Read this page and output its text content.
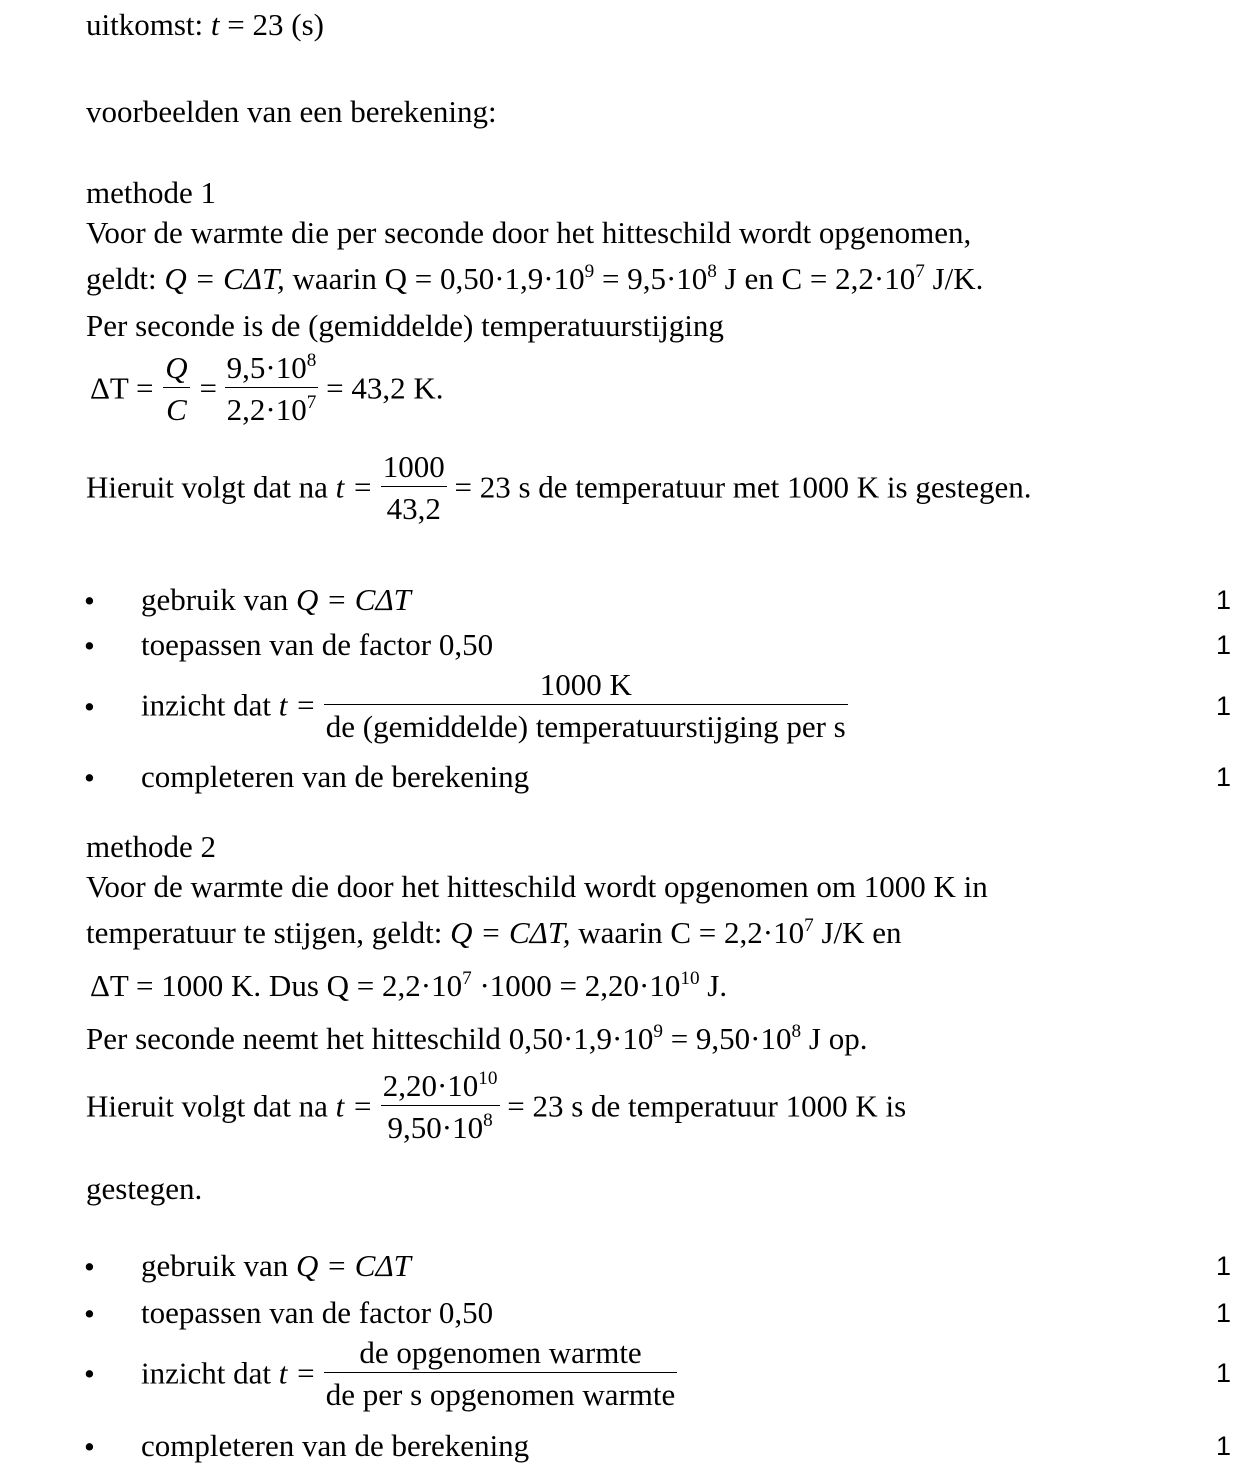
uitkomst: t = 23 (s)
voorbeelden van een berekening:
methode 1
Voor de warmte die per seconde door het hitteschild wordt opgenomen,
geldt: Q = CΔT, waarin $Q = 0,50\cdot 1,9\cdot 10^9 = 9,5\cdot 10^8$ J en $C = 2,2\cdot 10^7$ J/K.
Per seconde is de (gemiddelde) temperatuurstijging
$\Delta T = \frac{Q}{C} = \frac{9,5\cdot 10^8}{2,2\cdot 10^7} = 43,2$ K.
Hieruit volgt dat na $t = \frac{1000}{43,2} = 23$ s de temperatuur met 1000 K is gestegen.
• gebruik van Q = CΔT	1
• toepassen van de factor 0,50	1
• inzicht dat $t = \frac{1000 K}{\text{de (gemiddelde) temperatuurstijging per s}}$	1
• completeren van de berekening	1
methode 2
Voor de warmte die door het hitteschild wordt opgenomen om 1000 K in
temperatuur te stijgen, geldt: Q = CΔT, waarin $C = 2,2\cdot 10^7$ J/K en
ΔT = 1000 K. Dus $Q = 2,2\cdot 10^7 \cdot 1000 = 2,20\cdot 10^{10}$ J.
Per seconde neemt het hitteschild $0,50\cdot 1,9\cdot 10^9 = 9,50\cdot 10^8$ J op.
Hieruit volgt dat na $t = \frac{2,20\cdot 10^{10}}{9,50\cdot 10^8} = 23$ s de temperatuur 1000 K is
gestegen.
• gebruik van Q = CΔT	1
• toepassen van de factor 0,50	1
• inzicht dat $t = \frac{\text{de opgenomen warmte}}{\text{de per s opgenomen warmte}}$	1
• completeren van de berekening	1
